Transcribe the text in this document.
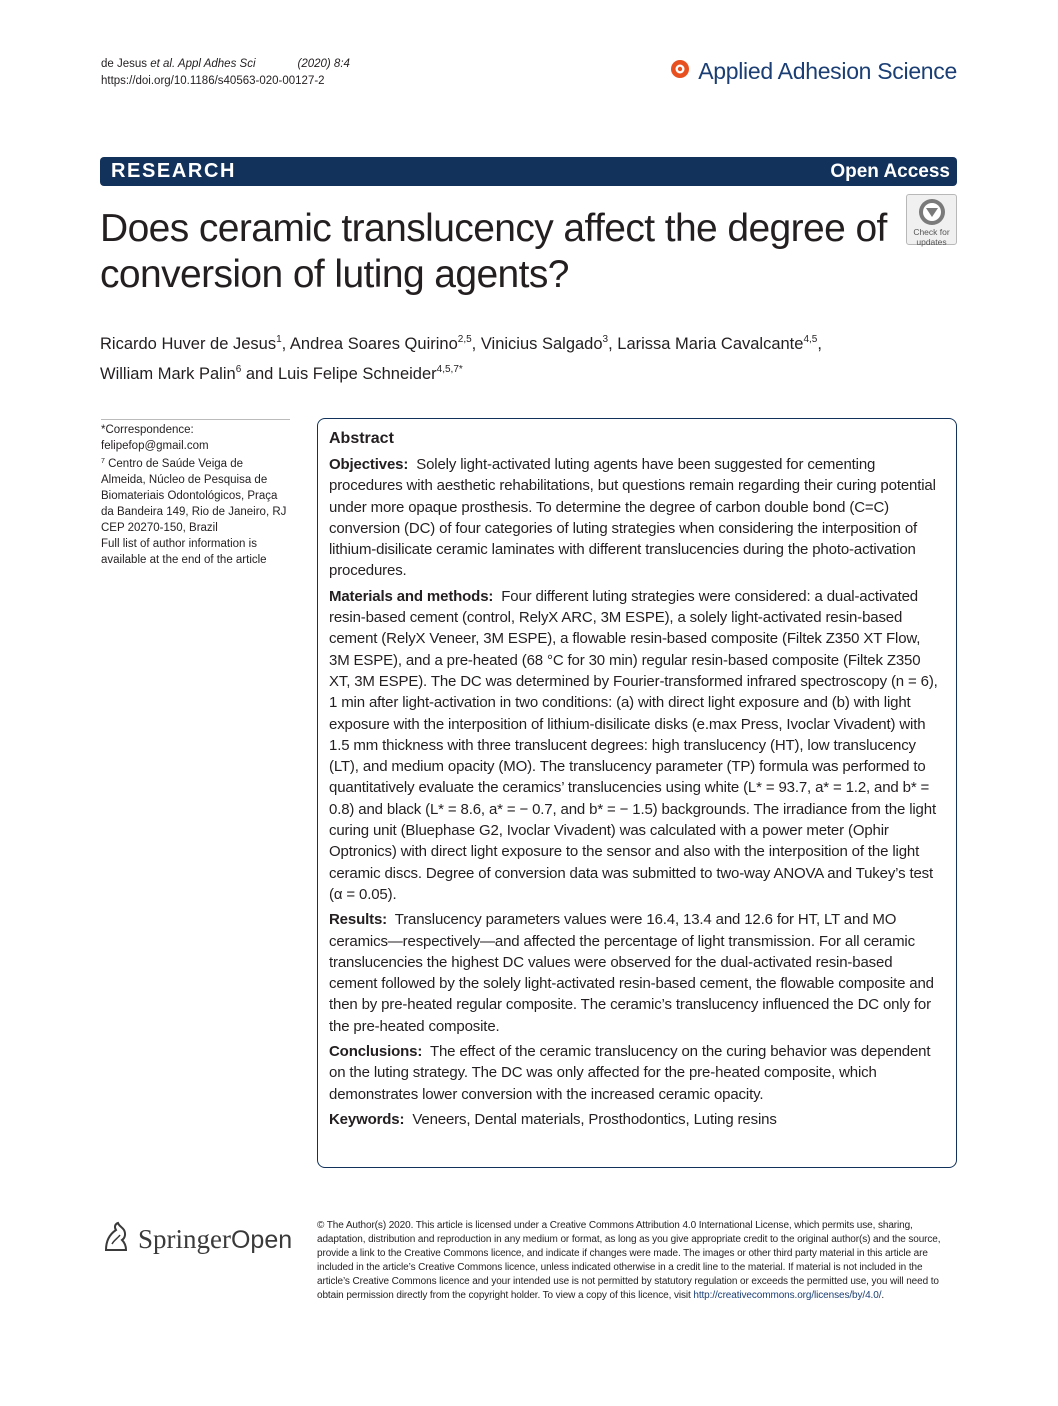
de Jesus et al. Appl Adhes Sci	(2020) 8:4
https://doi.org/10.1186/s40563-020-00127-2	Applied Adhesion Science
RESEARCH	Open Access
Does ceramic translucency affect the degree of conversion of luting agents?
Check for
updates
Ricardo Huver de Jesus$^1$, Andrea Soares Quirino$^{2,5}$, Vinicius Salgado$^3$, Larissa Maria Cavalcante$^{4,5}$,
William Mark Palin$^6$ and Luis Felipe Schneider$^{4,5,7*}$
*Correspondence:
felipefop@gmail.com
$^7$ Centro de Saúde Veiga de Almeida, Núcleo de Pesquisa de Biomateriais Odontológicos, Praça da Bandeira 149, Rio de Janeiro, RJ CEP 20270-150, Brazil
Full list of author information is available at the end of the article
Abstract

Objectives: Solely light-activated luting agents have been suggested for cementing procedures with aesthetic rehabilitations, but questions remain regarding their curing potential under more opaque prosthesis. To determine the degree of carbon double bond (C=C) conversion (DC) of four categories of luting strategies when considering the interposition of lithium-disilicate ceramic laminates with different translucencies during the photo-activation procedures.

Materials and methods: Four different luting strategies were considered: a dual-activated resin-based cement (control, RelyX ARC, 3M ESPE), a solely light-activated resin-based cement (RelyX Veneer, 3M ESPE), a flowable resin-based composite (Filtek Z350 XT Flow, 3M ESPE), and a pre-heated (68 °C for 30 min) regular resin-based composite (Filtek Z350 XT, 3M ESPE). The DC was determined by Fourier-transformed infrared spectroscopy (n = 6), 1 min after light-activation in two conditions: (a) with direct light exposure and (b) with light exposure with the interposition of lithium-disilicate disks (e.max Press, Ivoclar Vivadent) with 1.5 mm thickness with three translucent degrees: high translucency (HT), low translucency (LT), and medium opacity (MO). The translucency parameter (TP) formula was performed to quantitatively evaluate the ceramics’ translucencies using white (L* = 93.7, a* = 1.2, and b* = 0.8) and black (L* = 8.6, a* = − 0.7, and b* = − 1.5) backgrounds. The irradiance from the light curing unit (Bluephase G2, Ivoclar Vivadent) was calculated with a power meter (Ophir Optronics) with direct light exposure to the sensor and also with the interposition of the light ceramic discs. Degree of conversion data was submitted to two-way ANOVA and Tukey’s test (α = 0.05).

Results: Translucency parameters values were 16.4, 13.4 and 12.6 for HT, LT and MO ceramics—respectively—and affected the percentage of light transmission. For all ceramic translucencies the highest DC values were observed for the dual-activated resin-based cement followed by the solely light-activated resin-based cement, the flowable composite and then by pre-heated regular composite. The ceramic’s translucency influenced the DC only for the pre-heated composite.

Conclusions: The effect of the ceramic translucency on the curing behavior was dependent on the luting strategy. The DC was only affected for the pre-heated composite, which demonstrates lower conversion with the increased ceramic opacity.

Keywords: Veneers, Dental materials, Prosthodontics, Luting resins

SpringerOpen
© The Author(s) 2020. This article is licensed under a Creative Commons Attribution 4.0 International License, which permits use, sharing, adaptation, distribution and reproduction in any medium or format, as long as you give appropriate credit to the original author(s) and the source, provide a link to the Creative Commons licence, and indicate if changes were made. The images or other third party material in this article are included in the article’s Creative Commons licence, unless indicated otherwise in a credit line to the material. If material is not included in the article’s Creative Commons licence and your intended use is not permitted by statutory regulation or exceeds the permitted use, you will need to obtain permission directly from the copyright holder. To view a copy of this licence, visit http://creativecommons.org/licenses/by/4.0/.
